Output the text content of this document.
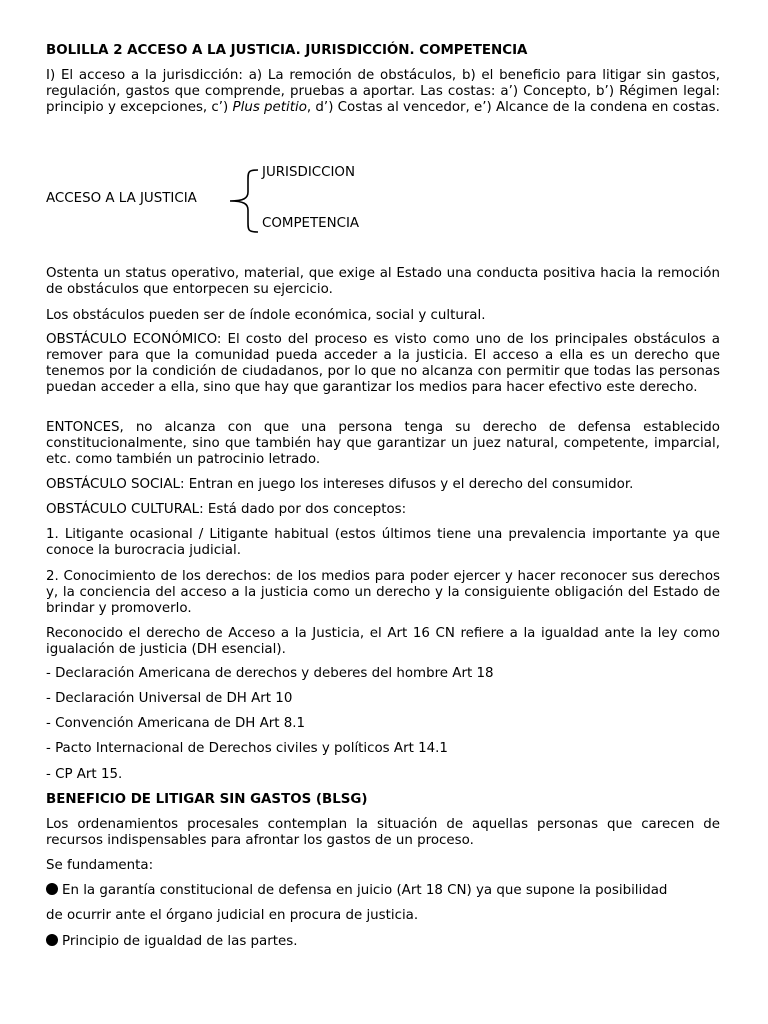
BOLILLA 2 ACCESO A LA JUSTICIA. JURISDICCIÓN. COMPETENCIA
I) El acceso a la jurisdicción: a) La remoción de obstáculos, b) el beneficio para litigar sin gastos, regulación, gastos que comprende, pruebas a aportar. Las costas: a’) Concepto, b’) Régimen legal: principio y excepciones, c’) Plus petitio, d’) Costas al vencedor, e’) Alcance de la condena en costas.
ACCESO A LA JUSTICIA
JURISDICCION
COMPETENCIA
Ostenta un status operativo, material, que exige al Estado una conducta positiva hacia la remoción de obstáculos que entorpecen su ejercicio.
Los obstáculos pueden ser de índole económica, social y cultural.
OBSTÁCULO ECONÓMICO: El costo del proceso es visto como uno de los principales obstáculos a remover para que la comunidad pueda acceder a la justicia. El acceso a ella es un derecho que tenemos por la condición de ciudadanos, por lo que no alcanza con permitir que todas las personas puedan acceder a ella, sino que hay que garantizar los medios para hacer efectivo este derecho.
ENTONCES, no alcanza con que una persona tenga su derecho de defensa establecido constitucionalmente, sino que también hay que garantizar un juez natural, competente, imparcial, etc. como también un patrocinio letrado.
OBSTÁCULO SOCIAL: Entran en juego los intereses difusos y el derecho del consumidor.
OBSTÁCULO CULTURAL: Está dado por dos conceptos:
1. Litigante ocasional / Litigante habitual (estos últimos tiene una prevalencia importante ya que conoce la burocracia judicial.
2. Conocimiento de los derechos: de los medios para poder ejercer y hacer reconocer sus derechos y, la conciencia del acceso a la justicia como un derecho y la consiguiente obligación del Estado de brindar y promoverlo.
Reconocido el derecho de Acceso a la Justicia, el Art 16 CN refiere a la igualdad ante la ley como igualación de justicia (DH esencial).
- Declaración Americana de derechos y deberes del hombre Art 18
- Declaración Universal de DH Art 10
- Convención Americana de DH Art 8.1
- Pacto Internacional de Derechos civiles y políticos Art 14.1
- CP Art 15.
BENEFICIO DE LITIGAR SIN GASTOS (BLSG)
Los ordenamientos procesales contemplan la situación de aquellas personas que carecen de recursos indispensables para afrontar los gastos de un proceso.
Se fundamenta:
En la garantía constitucional de defensa en juicio (Art 18 CN) ya que supone la posibilidad
de ocurrir ante el órgano judicial en procura de justicia.
Principio de igualdad de las partes.
